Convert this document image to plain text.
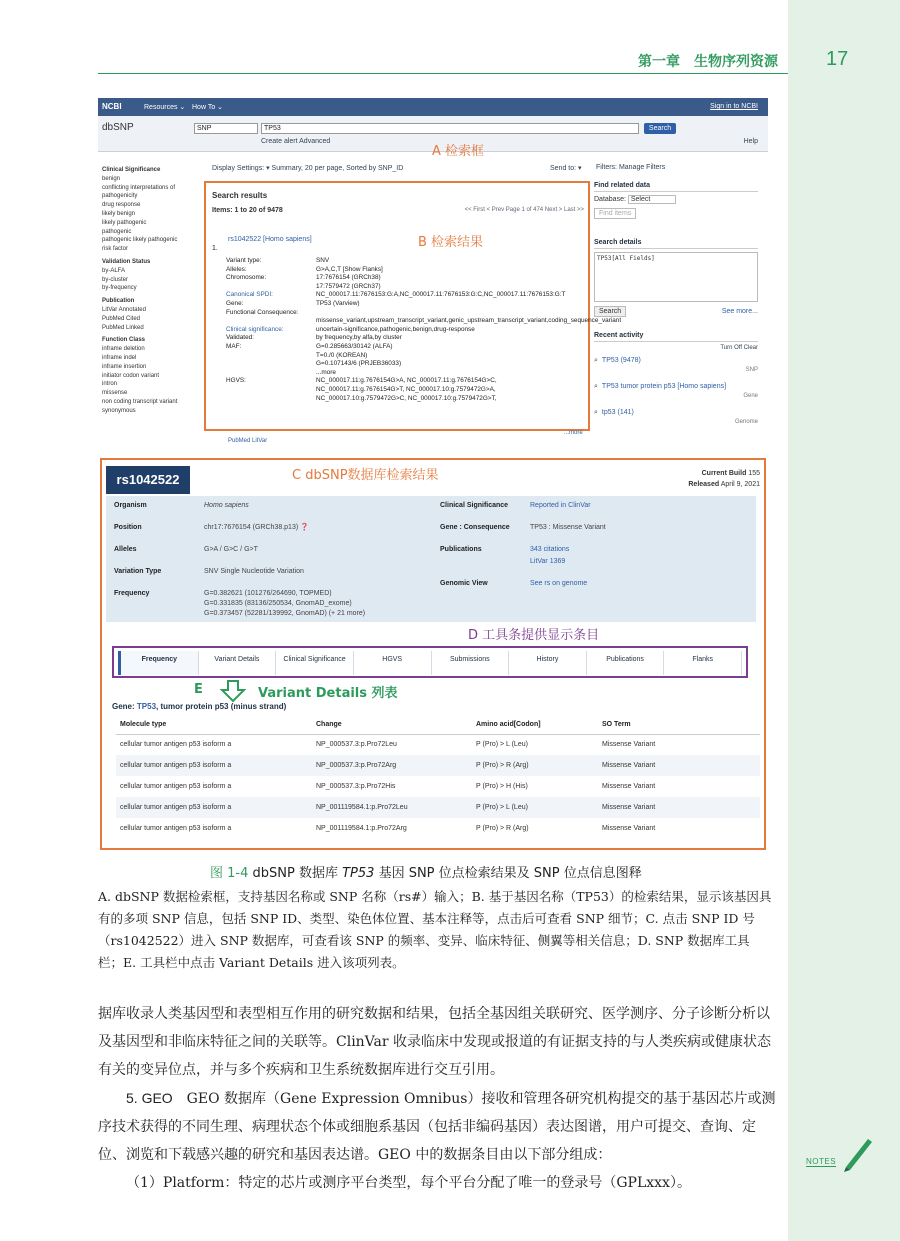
第一章　生物序列资源 17
NOTES
NCBI	Resources ⌄ How To ⌄	Sign in to NCBI
dbSNP	SNP	TP53	Search
Create alert Advanced	Help
A 检索框
Clinical Significance
benign
conflicting interpretations of pathogenicity
drug response
likely benign
likely pathogenic
pathogenic
pathogenic likely pathogenic
risk factor
Validation Status
by-ALFA
by-cluster
by-frequency
Publication
LitVar Annotated
PubMed Cited
PubMed Linked
Function Class
inframe deletion
inframe indel
inframe insertion
initiator codon variant
intron
missense
non coding transcript variant
synonymous
Display Settings: ▾ Summary, 20 per page, Sorted by SNP_ID	Send to: ▾ Filters: Manage Filters
Search results
Items: 1 to 20 of 9478	<< First < Prev Page 1 of 474 Next > Last >>
B 检索结果
rs1042522 [Homo sapiens]
1.
Variant type:	SNV
Alleles:	G>A,C,T [Show Flanks]
Chromosome:	17:7676154 (GRCh38)
17:7579472 (GRCh37)
Canonical SPDI:	NC_000017.11:7676153:G:A,NC_000017.11:7676153:G:C,NC_000017.11:7676153:G:T
Gene:	TP53 (Varview)
Functional Consequence:
missense_variant,upstream_transcript_variant,genic_upstream_transcript_variant,coding_sequence_variant
Clinical significance:	uncertain-significance,pathogenic,benign,drug-response
Validated:	by frequency,by alfa,by cluster
MAF:	G=0.285663/30142 (ALFA)
T=0./0 (KOREAN)
G=0.107143/6 (PRJEB36033)
...more
HGVS:	NC_000017.11:g.7676154G>A, NC_000017.11:g.7676154G>C,
NC_000017.11:g.7676154G>T, NC_000017.10:g.7579472G>A,
NC_000017.10:g.7579472G>C, NC_000017.10:g.7579472G>T,
...more
PubMed LitVar
Find related data
Database: Select
Find items
Search details
TP53[All Fields]
Search	See more...
Recent activity
Turn Off Clear
⌕ TP53 (9478)
SNP
⌕ TP53 tumor protein p53 [Homo sapiens]
Gene
⌕ tp53 (141)
Genome
rs1042522	C dbSNP数据库检索结果	Current Build 155
Released April 9, 2021
Organism	Homo sapiens
Position	chr17:7676154 (GRCh38.p13) ❓
Alleles	G>A / G>C / G>T
Variation Type	SNV Single Nucleotide Variation
Frequency	G=0.382621 (101276/264690, TOPMED)
G=0.331835 (83136/250534, GnomAD_exome)
G=0.373457 (52281/139992, GnomAD) (+ 21 more)
Clinical Significance	Reported in ClinVar
Gene : Consequence	TP53 : Missense Variant
Publications	343 citations
LitVar 1369
Genomic View	See rs on genome
D 工具条提供显示条目
Frequency	Variant Details	Clinical Significance	HGVS	Submissions	History	Publications	Flanks
E	Variant Details 列表
Gene: TP53, tumor protein p53 (minus strand)
Molecule type	Change	Amino acid[Codon]	SO Term
cellular tumor antigen p53 isoform a	NP_000537.3:p.Pro72Leu	P (Pro) > L (Leu)	Missense Variant
cellular tumor antigen p53 isoform a	NP_000537.3:p.Pro72Arg	P (Pro) > R (Arg)	Missense Variant
cellular tumor antigen p53 isoform a	NP_000537.3:p.Pro72His	P (Pro) > H (His)	Missense Variant
cellular tumor antigen p53 isoform a	NP_001119584.1:p.Pro72Leu	P (Pro) > L (Leu)	Missense Variant
cellular tumor antigen p53 isoform a	NP_001119584.1:p.Pro72Arg	P (Pro) > R (Arg)	Missense Variant
图 1-4 dbSNP 数据库 TP53 基因 SNP 位点检索结果及 SNP 位点信息图释
A. dbSNP 数据检索框，支持基因名称或 SNP 名称（rs#）输入；B. 基于基因名称（TP53）的检索结果，显示该基因具有的多项 SNP 信息，包括 SNP ID、类型、染色体位置、基本注释等，点击后可查看 SNP 细节；C. 点击 SNP ID 号（rs1042522）进入 SNP 数据库，可查看该 SNP 的频率、变异、临床特征、侧翼等相关信息；D. SNP 数据库工具栏；E. 工具栏中点击 Variant Details 进入该项列表。

据库收录人类基因型和表型相互作用的研究数据和结果，包括全基因组关联研究、医学测序、分子诊断分析以及基因型和非临床特征之间的关联等。ClinVar 收录临床中发现或报道的有证据支持的与人类疾病或健康状态有关的变异位点，并与多个疾病和卫生系统数据库进行交互引用。

5. GEO　GEO 数据库（Gene Expression Omnibus）接收和管理各研究机构提交的基于基因芯片或测序技术获得的不同生理、病理状态个体或细胞系基因（包括非编码基因）表达图谱，用户可提交、查询、定位、浏览和下载感兴趣的研究和基因表达谱。GEO 中的数据条目由以下部分组成：

（1）Platform：特定的芯片或测序平台类型，每个平台分配了唯一的登录号（GPLxxx）。
